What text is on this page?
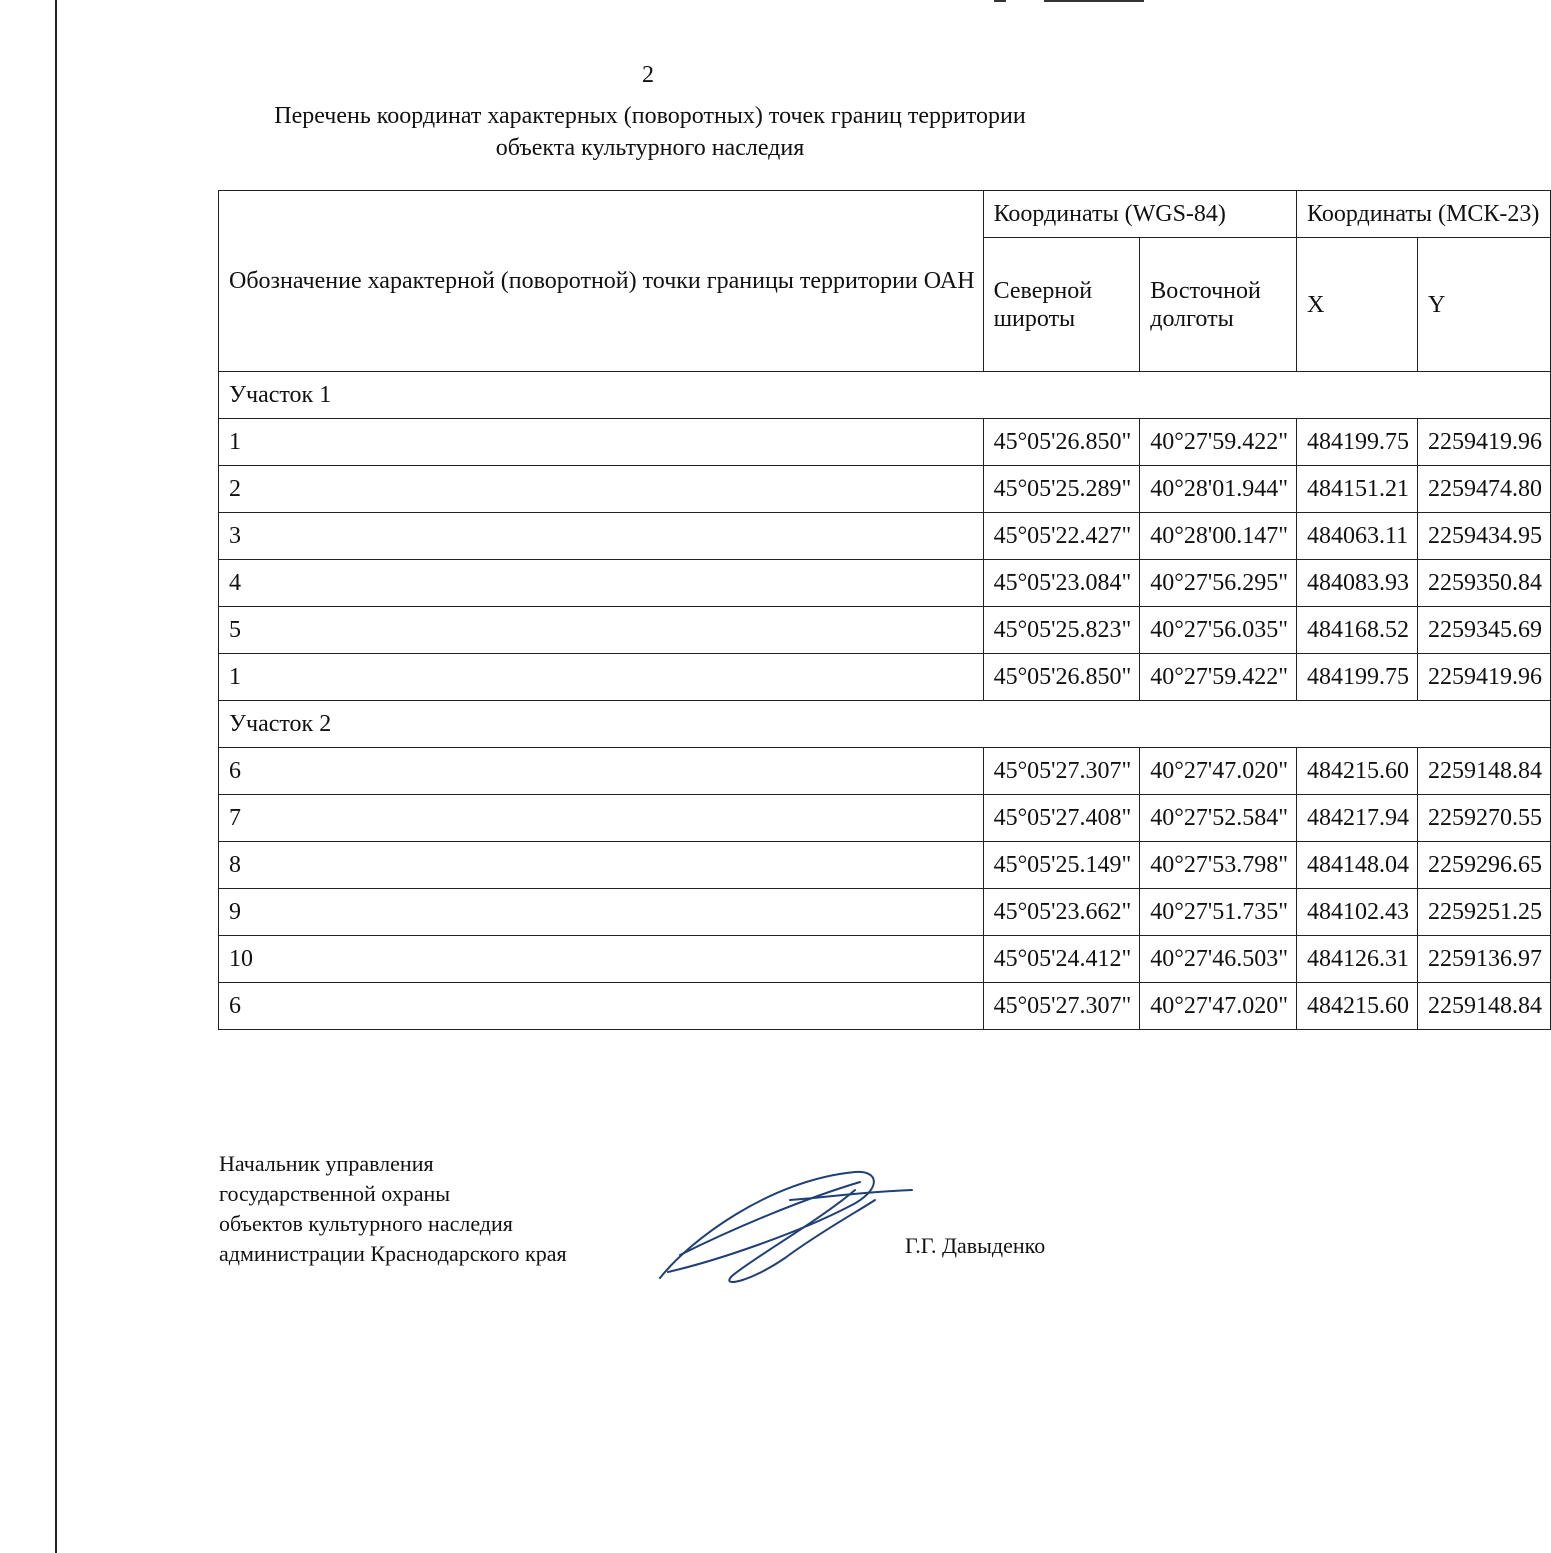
2
Перечень координат характерных (поворотных) точек границ территории
объекта культурного наследия
Обозначение характерной (поворотной) точки границы территории ОАН	Координаты (WGS-84)		Координаты (МСК-23)	
	Северной широты	Восточной долготы	X	Y
Участок 1				
1	45°05'26.850"	40°27'59.422"	484199.75	2259419.96
2	45°05'25.289"	40°28'01.944"	484151.21	2259474.80
3	45°05'22.427"	40°28'00.147"	484063.11	2259434.95
4	45°05'23.084"	40°27'56.295"	484083.93	2259350.84
5	45°05'25.823"	40°27'56.035"	484168.52	2259345.69
1	45°05'26.850"	40°27'59.422"	484199.75	2259419.96
Участок 2				
6	45°05'27.307"	40°27'47.020"	484215.60	2259148.84
7	45°05'27.408"	40°27'52.584"	484217.94	2259270.55
8	45°05'25.149"	40°27'53.798"	484148.04	2259296.65
9	45°05'23.662"	40°27'51.735"	484102.43	2259251.25
10	45°05'24.412"	40°27'46.503"	484126.31	2259136.97
6	45°05'27.307"	40°27'47.020"	484215.60	2259148.84
Начальник управления
государственной охраны
объектов культурного наследия
администрации Краснодарского края	Г.Г. Давыденко
